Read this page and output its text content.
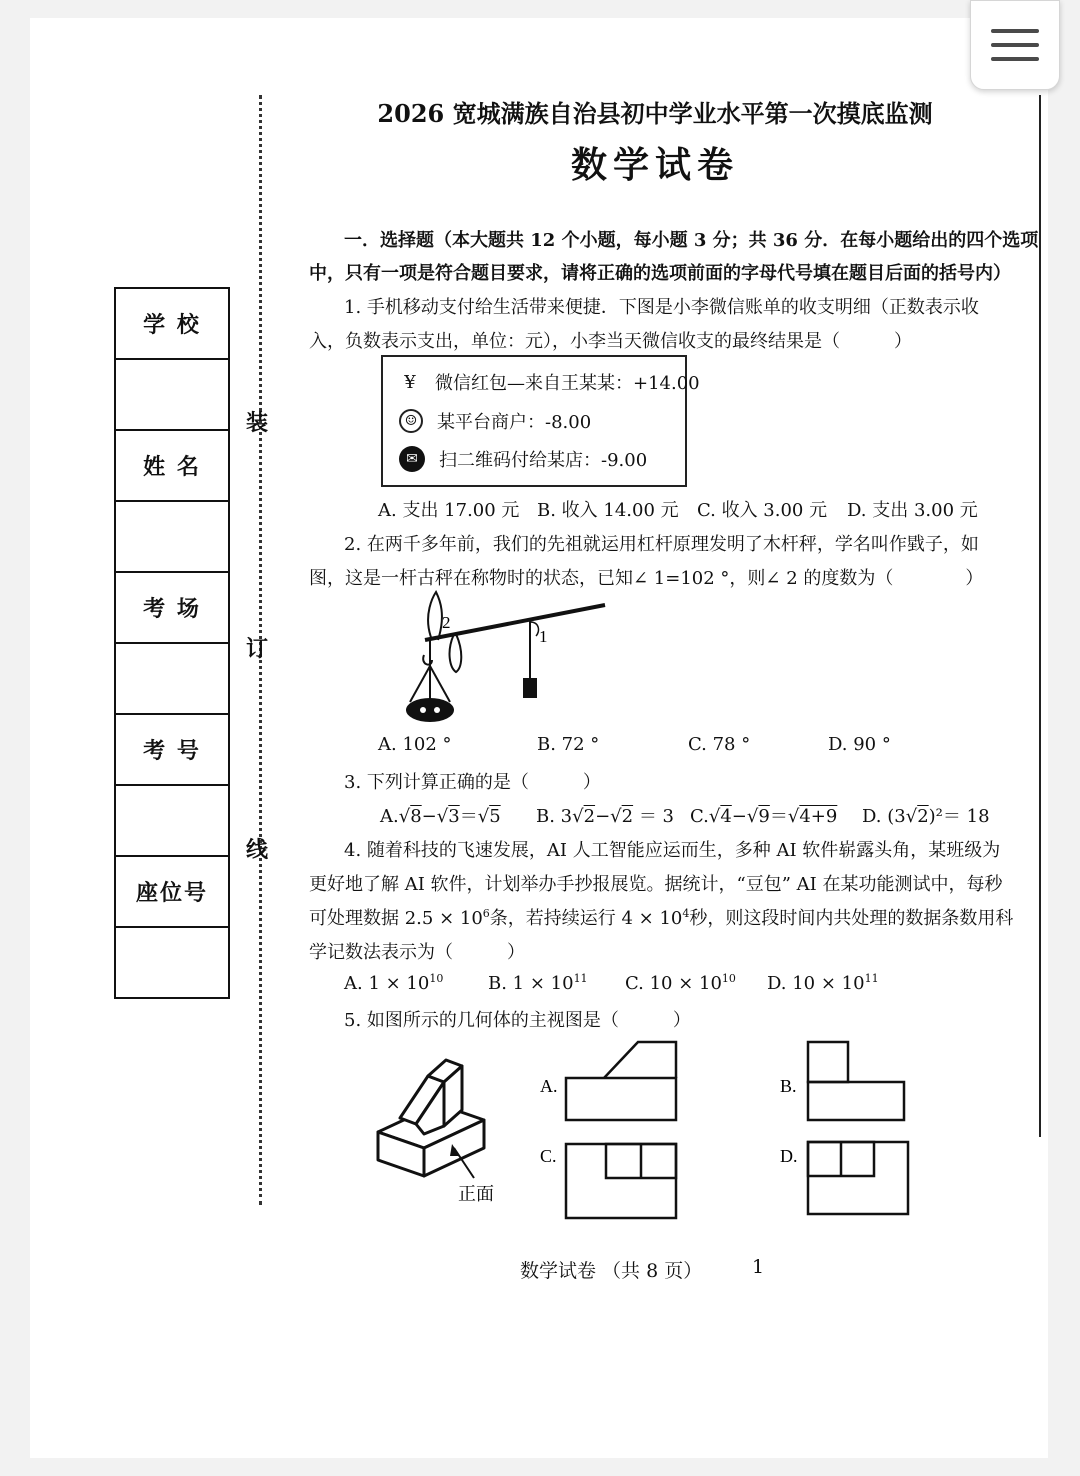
装
订
线
学 校
姓 名
考 场
考 号
座位号
2026 宽城满族自治县初中学业水平第一次摸底监测
数学试卷
一．选择题（本大题共 12 个小题，每小题 3 分；共 36 分．在每小题给出的四个选项
中，只有一项是符合题目要求，请将正确的选项前面的字母代号填在题目后面的括号内）
1. 手机移动支付给生活带来便捷．下图是小李微信账单的收支明细（正数表示收
入，负数表示支出，单位：元），小李当天微信收支的最终结果是（　　　）
¥ 微信红包—来自王某某：+14.00
☺	某平台商户：-8.00
✉	扫二维码付给某店：-9.00
A. 支出 17.00 元 B. 收入 14.00 元 C. 收入 3.00 元 D. 支出 3.00 元
2. 在两千多年前，我们的先祖就运用杠杆原理发明了木杆秤，学名叫作戥子，如
图，这是一杆古秤在称物时的状态，已知∠ 1=102 °，则∠ 2 的度数为（　　　　）
2
1
A. 102 °	B. 72 °	C. 78 °	D. 90 °
3. 下列计算正确的是（　　　）
A.√8−√3＝√5 B. 3√2−√2 ＝ 3 C.√4−√9＝√4+9 D. (3√2)²＝ 18
4. 随着科技的飞速发展，AI 人工智能应运而生，多种 AI 软件崭露头角，某班级为
更好地了解 AI 软件，计划举办手抄报展览。据统计，“豆包” AI 在某功能测试中，每秒
可处理数据 $2.5 \times 10^6$条，若持续运行 $4 \times 10^4$秒，则这段时间内共处理的数据条数用科
学记数法表示为（　　　）
A. $1 \times 10^{10}$ B. $1 \times 10^{11}$ C. $10 \times 10^{10}$ D. $10 \times 10^{11}$
5. 如图所示的几何体的主视图是（　　　）
正面
A.	B.
C.	D.
数学试卷 （共 8 页）	1
